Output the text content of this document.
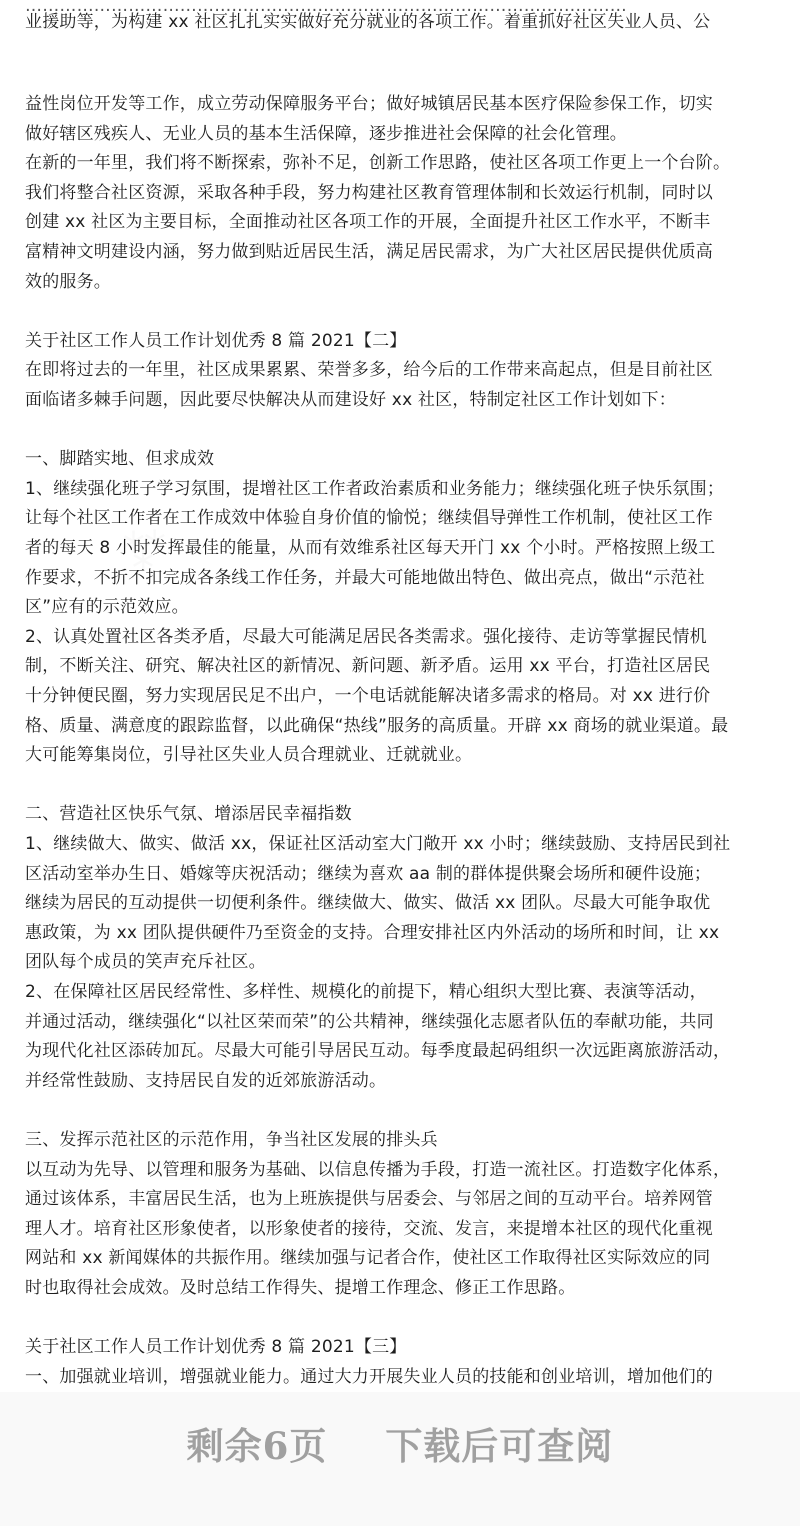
……………………………………………………………………………………………
业援助等，为构建 xx 社区扎扎实实做好充分就业的各项工作。着重抓好社区失业人员、公
益性岗位开发等工作，成立劳动保障服务平台；做好城镇居民基本医疗保险参保工作，切实
做好辖区残疾人、无业人员的基本生活保障，逐步推进社会保障的社会化管理。
在新的一年里，我们将不断探索，弥补不足，创新工作思路，使社区各项工作更上一个台阶。
我们将整合社区资源，采取各种手段，努力构建社区教育管理体制和长效运行机制，同时以
创建 xx 社区为主要目标，全面推动社区各项工作的开展，全面提升社区工作水平，不断丰
富精神文明建设内涵，努力做到贴近居民生活，满足居民需求，为广大社区居民提供优质高
效的服务。
关于社区工作人员工作计划优秀 8 篇 2021【二】
在即将过去的一年里，社区成果累累、荣誉多多，给今后的工作带来高起点，但是目前社区
面临诸多棘手问题，因此要尽快解决从而建设好 xx 社区，特制定社区工作计划如下：
一、脚踏实地、但求成效
1、继续强化班子学习氛围，提增社区工作者政治素质和业务能力；继续强化班子快乐氛围；
让每个社区工作者在工作成效中体验自身价值的愉悦；继续倡导弹性工作机制，使社区工作
者的每天 8 小时发挥最佳的能量，从而有效维系社区每天开门 xx 个小时。严格按照上级工
作要求，不折不扣完成各条线工作任务，并最大可能地做出特色、做出亮点，做出“示范社
区”应有的示范效应。
2、认真处置社区各类矛盾，尽最大可能满足居民各类需求。强化接待、走访等掌握民情机
制，不断关注、研究、解决社区的新情况、新问题、新矛盾。运用 xx 平台，打造社区居民
十分钟便民圈，努力实现居民足不出户，一个电话就能解决诸多需求的格局。对 xx 进行价
格、质量、满意度的跟踪监督，以此确保“热线”服务的高质量。开辟 xx 商场的就业渠道。最
大可能筹集岗位，引导社区失业人员合理就业、迁就就业。
二、营造社区快乐气氛、增添居民幸福指数
1、继续做大、做实、做活 xx，保证社区活动室大门敞开 xx 小时；继续鼓励、支持居民到社
区活动室举办生日、婚嫁等庆祝活动；继续为喜欢 aa 制的群体提供聚会场所和硬件设施；
继续为居民的互动提供一切便利条件。继续做大、做实、做活 xx 团队。尽最大可能争取优
惠政策，为 xx 团队提供硬件乃至资金的支持。合理安排社区内外活动的场所和时间，让 xx
团队每个成员的笑声充斥社区。
2、在保障社区居民经常性、多样性、规模化的前提下，精心组织大型比赛、表演等活动，
并通过活动，继续强化“以社区荣而荣”的公共精神，继续强化志愿者队伍的奉献功能，共同
为现代化社区添砖加瓦。尽最大可能引导居民互动。每季度最起码组织一次远距离旅游活动，
并经常性鼓励、支持居民自发的近郊旅游活动。
三、发挥示范社区的示范作用，争当社区发展的排头兵
以互动为先导、以管理和服务为基础、以信息传播为手段，打造一流社区。打造数字化体系，
通过该体系，丰富居民生活，也为上班族提供与居委会、与邻居之间的互动平台。培养网管
理人才。培育社区形象使者，以形象使者的接待，交流、发言，来提增本社区的现代化重视
网站和 xx 新闻媒体的共振作用。继续加强与记者合作，使社区工作取得社区实际效应的同
时也取得社会成效。及时总结工作得失、提增工作理念、修正工作思路。
关于社区工作人员工作计划优秀 8 篇 2021【三】
一、加强就业培训，增强就业能力。通过大力开展失业人员的技能和创业培训，增加他们的
⁂
剩余6页 下载后可查阅
